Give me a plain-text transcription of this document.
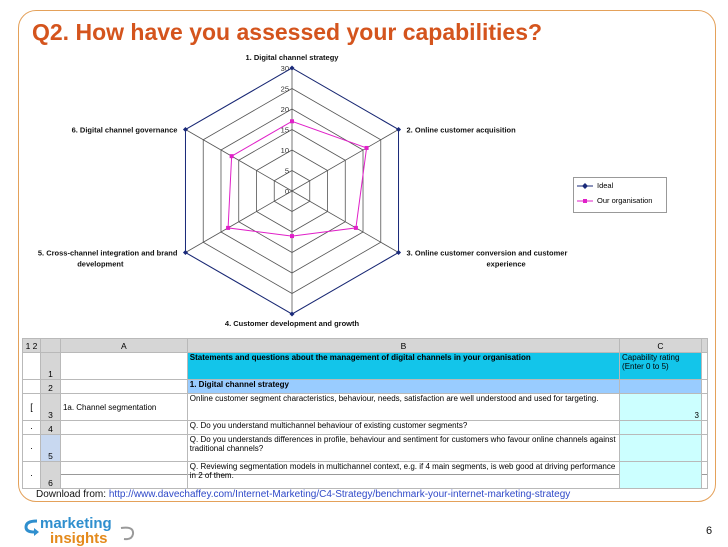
Q2. How have you assessed your capabilities?
0
5
10
15
20
25
30
1. Digital channel strategy
2. Online customer acquisition
3. Online customer conversion and customer experience
4. Customer development and growth
5. Cross-channel integration and brand development
6. Digital channel governance
Ideal
Our organisation
1 2		A	B	C	
	1		Statements and questions about the management of digital channels in your organisation	Capability rating (Enter 0 to 5)	
	2		1. Digital channel strategy		
[	3	1a. Channel segmentation	Online customer segment characteristics, behaviour, needs, satisfaction are well understood and used for targeting.	3	
·	4		Q. Do you understand multichannel behaviour of existing customer segments?		
·	5		Q. Do you understands differences in profile, behaviour and sentiment for customers who favour online channels against traditional channels?		
·	6		Q. Reviewing segmentation models in multichannel context, e.g. if 4 main segments, is web good at driving performance in 2 of them.		
Download from: http://www.davechaffey.com/Internet-Marketing/C4-Strategy/benchmark-your-internet-marketing-strategy
marketing
insights	6
